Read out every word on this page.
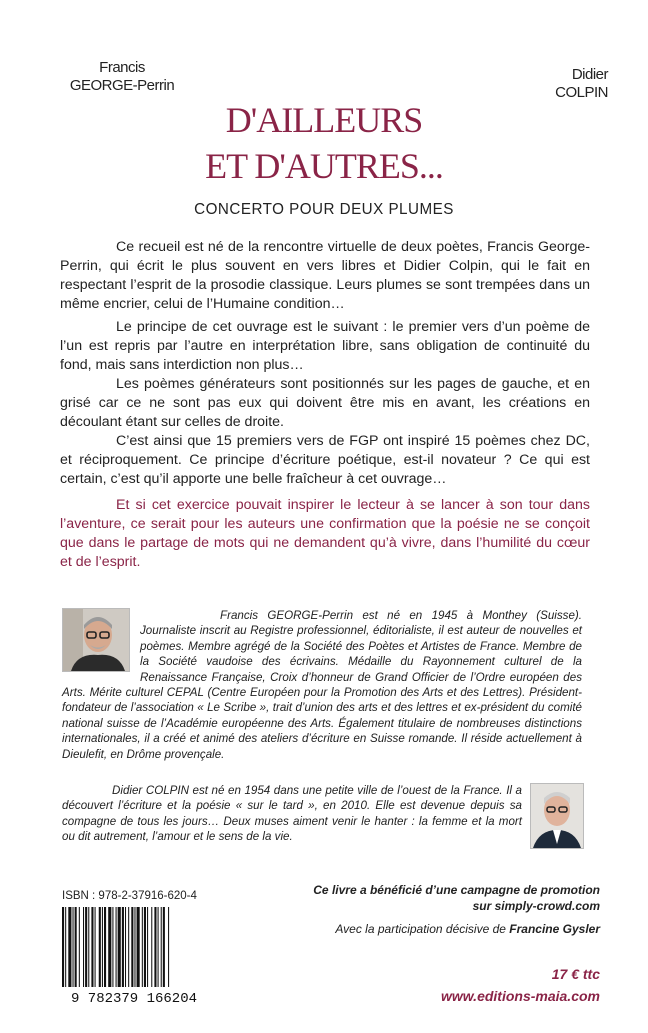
Francis
GEORGE-Perrin
Didier
COLPIN
D'AILLEURS
ET D'AUTRES...
CONCERTO POUR DEUX PLUMES

Ce recueil est né de la rencontre virtuelle de deux poètes, Francis George-Perrin, qui écrit le plus souvent en vers libres et Didier Colpin, qui le fait en respectant l’esprit de la prosodie classique. Leurs plumes se sont trempées dans un même encrier, celui de l’Humaine condition…

Le principe de cet ouvrage est le suivant : le premier vers d’un poème de l’un est repris par l’autre en interprétation libre, sans obligation de continuité du fond, mais sans interdiction non plus…

Les poèmes générateurs sont positionnés sur les pages de gauche, et en grisé car ce ne sont pas eux qui doivent être mis en avant, les créations en découlant étant sur celles de droite.

C’est ainsi que 15 premiers vers de FGP ont inspiré 15 poèmes chez DC, et réciproquement. Ce principe d’écriture poétique, est-il novateur ? Ce qui est certain, c’est qu’il apporte une belle fraîcheur à cet ouvrage…

Et si cet exercice pouvait inspirer le lecteur à se lancer à son tour dans l’aventure, ce serait pour les auteurs une confirmation que la poésie ne se conçoit que dans le partage de mots qui ne demandent qu’à vivre, dans l’humilité du cœur et de l’esprit.

Francis GEORGE-Perrin est né en 1945 à Monthey (Suisse). Journaliste inscrit au Registre professionnel, éditorialiste, il est auteur de nouvelles et poèmes. Membre agrégé de la Société des Poètes et Artistes de France. Membre de la Société vaudoise des écrivains. Médaille du Rayonnement culturel de la Renaissance Française, Croix d’honneur de Grand Officier de l’Ordre européen des Arts. Mérite culturel CEPAL (Centre Européen pour la Promotion des Arts et des Lettres). Président-fondateur de l’association « Le Scribe », trait d’union des arts et des lettres et ex-président du comité national suisse de l’Académie européenne des Arts. Également titulaire de nombreuses distinctions internationales, il a créé et animé des ateliers d’écriture en Suisse romande. Il réside actuellement à Dieulefit, en Drôme provençale.

Didier COLPIN est né en 1954 dans une petite ville de l’ouest de la France. Il a découvert l’écriture et la poésie « sur le tard », en 2010. Elle est devenue depuis sa compagne de tous les jours… Deux muses aiment venir le hanter : la femme et la mort ou dit autrement, l’amour et le sens de la vie.

ISBN : 978-2-37916-620-4
9 782379 166204
Ce livre a bénéficié d’une campagne de promotion
sur simply-crowd.com
Avec la participation décisive de Francine Gysler
17 € ttc
www.editions-maia.com
